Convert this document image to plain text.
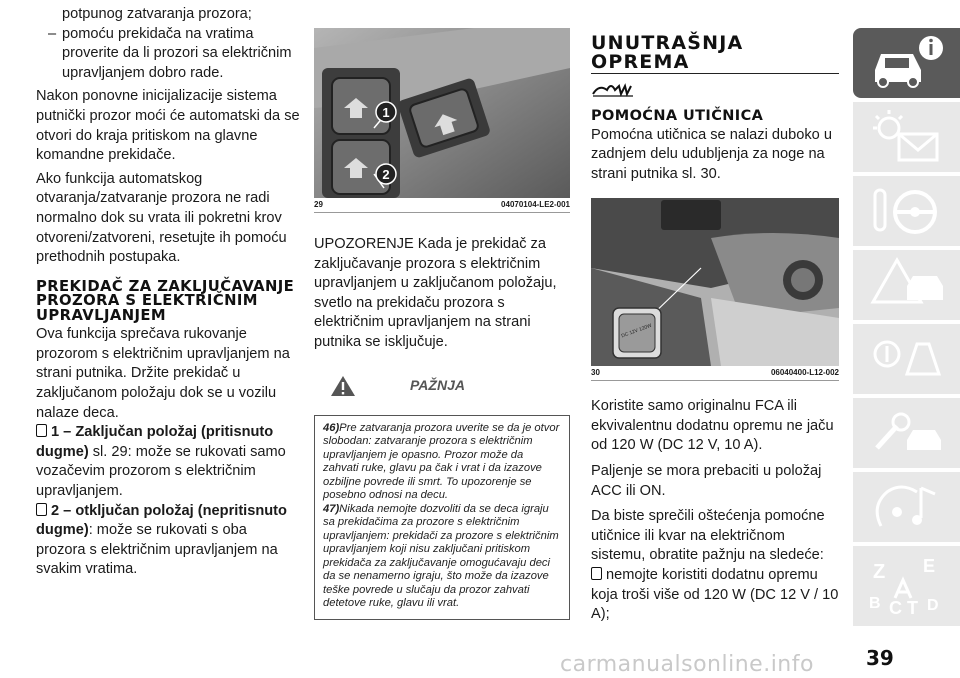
potpunog zatvaranja prozora;

– pomoću prekidača na vratima proverite da li prozori sa električnim upravljanjem dobro rade.

Nakon ponovne inicijalizacije sistema putnički prozor moći će automatski da se otvori do kraja pritiskom na glavne komandne prekidače.

Ako funkcija automatskog otvaranja/zatvaranje prozora ne radi normalno dok su vrata ili pokretni krov otvoreni/zatvoreni, resetujte ih pomoću prethodnih postupaka.

PREKIDAČ ZA ZAKLJUČAVANJE PROZORA S ELEKTRIČNIM UPRAVLJANJEM

Ova funkcija sprečava rukovanje prozorom s električnim upravljanjem na strani putnika. Držite prekidač u zaključanom položaju dok se u vozilu nalaze deca.

1 – Zaključan položaj (pritisnuto dugme) sl. 29: može se rukovati samo vozačevim prozorom s električnim upravljanjem.

2 – otključan položaj (nepritisnuto dugme): može se rukovati s oba prozora s električnim upravljanjem na svakim vratima.

1
2
29	04070104-LE2-001

UPOZORENJE Kada je prekidač za zaključavanje prozora s električnim upravljanjem u zaključanom položaju, svetlo na prekidaču prozora s električnim upravljanjem na strani putnika se isključuje.

PAŽNJA

46)Pre zatvaranja prozora uverite se da je otvor slobodan: zatvaranje prozora s električnim upravljanjem je opasno. Prozor može da zahvati ruke, glavu pa čak i vrat i da izazove ozbiljne povrede ili smrt. To upozorenje se posebno odnosi na decu.

47)Nikada nemojte dozvoliti da se deca igraju sa prekidačima za prozore s električnim upravljanjem: prekidači za prozore s električnim upravljanjem koji nisu zaključani pritiskom prekidača za zaključavanje omogućavaju deci da se nenamerno igraju, što može da izazove teške povrede u slučaju da prozor zahvati detetove ruke, glavu ili vrat.

UNUTRAŠNJA
OPREMA
POMOĆNA UTIČNICA

Pomoćna utičnica se nalazi duboko u zadnjem delu udubljenja za noge na strani putnika sl. 30.

DC 12V 120W
30	06040400-L12-002

Koristite samo originalnu FCA ili ekvivalentnu dodatnu opremu ne jaču od 120 W (DC 12 V, 10 A).

Paljenje se mora prebaciti u položaj ACC ili ON.

Da biste sprečili oštećenja pomoćne utičnice ili kvar na električnom sistemu, obratite pažnju na sledeće:

nemojte koristiti dodatnu opremu koja troši više od 120 W (DC 12 V / 10 A);

Z E
B C T D
39
carmanualsonline.info
